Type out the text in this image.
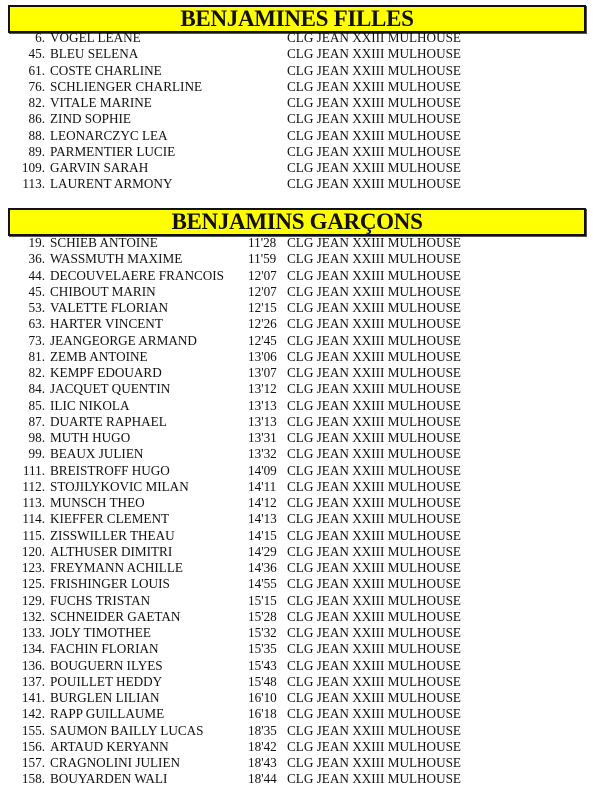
BENJAMINES FILLES
6. VOGEL LEANE	CLG JEAN XXIII MULHOUSE
45. BLEU SELENA	CLG JEAN XXIII MULHOUSE
61. COSTE CHARLINE	CLG JEAN XXIII MULHOUSE
76. SCHLIENGER CHARLINE	CLG JEAN XXIII MULHOUSE
82. VITALE MARINE	CLG JEAN XXIII MULHOUSE
86. ZIND SOPHIE	CLG JEAN XXIII MULHOUSE
88. LEONARCZYC LEA	CLG JEAN XXIII MULHOUSE
89. PARMENTIER LUCIE	CLG JEAN XXIII MULHOUSE
109. GARVIN SARAH	CLG JEAN XXIII MULHOUSE
113. LAURENT ARMONY	CLG JEAN XXIII MULHOUSE
BENJAMINS GARÇONS
19. SCHIEB ANTOINE	11'28 CLG JEAN XXIII MULHOUSE
36. WASSMUTH MAXIME	11'59 CLG JEAN XXIII MULHOUSE
44. DECOUVELAERE FRANCOIS 12'07 CLG JEAN XXIII MULHOUSE
45. CHIBOUT MARIN	12'07 CLG JEAN XXIII MULHOUSE
53. VALETTE FLORIAN	12'15 CLG JEAN XXIII MULHOUSE
63. HARTER VINCENT	12'26 CLG JEAN XXIII MULHOUSE
73. JEANGEORGE ARMAND	12'45 CLG JEAN XXIII MULHOUSE
81. ZEMB ANTOINE	13'06 CLG JEAN XXIII MULHOUSE
82. KEMPF EDOUARD	13'07 CLG JEAN XXIII MULHOUSE
84. JACQUET QUENTIN	13'12 CLG JEAN XXIII MULHOUSE
85. ILIC NIKOLA	13'13 CLG JEAN XXIII MULHOUSE
87. DUARTE RAPHAEL	13'13 CLG JEAN XXIII MULHOUSE
98. MUTH HUGO	13'31 CLG JEAN XXIII MULHOUSE
99. BEAUX JULIEN	13'32 CLG JEAN XXIII MULHOUSE
111. BREISTROFF HUGO	14'09 CLG JEAN XXIII MULHOUSE
112. STOJILYKOVIC MILAN	14'11 CLG JEAN XXIII MULHOUSE
113. MUNSCH THEO	14'12 CLG JEAN XXIII MULHOUSE
114. KIEFFER CLEMENT	14'13 CLG JEAN XXIII MULHOUSE
115. ZISSWILLER THEAU	14'15 CLG JEAN XXIII MULHOUSE
120. ALTHUSER DIMITRI	14'29 CLG JEAN XXIII MULHOUSE
123. FREYMANN ACHILLE	14'36 CLG JEAN XXIII MULHOUSE
125. FRISHINGER LOUIS	14'55 CLG JEAN XXIII MULHOUSE
129. FUCHS TRISTAN	15'15 CLG JEAN XXIII MULHOUSE
132. SCHNEIDER GAETAN	15'28 CLG JEAN XXIII MULHOUSE
133. JOLY TIMOTHEE	15'32 CLG JEAN XXIII MULHOUSE
134. FACHIN FLORIAN	15'35 CLG JEAN XXIII MULHOUSE
136. BOUGUERN ILYES	15'43 CLG JEAN XXIII MULHOUSE
137. POUILLET HEDDY	15'48 CLG JEAN XXIII MULHOUSE
141. BURGLEN LILIAN	16'10 CLG JEAN XXIII MULHOUSE
142. RAPP GUILLAUME	16'18 CLG JEAN XXIII MULHOUSE
155. SAUMON BAILLY LUCAS	18'35 CLG JEAN XXIII MULHOUSE
156. ARTAUD KERYANN	18'42 CLG JEAN XXIII MULHOUSE
157. CRAGNOLINI JULIEN	18'43 CLG JEAN XXIII MULHOUSE
158. BOUYARDEN WALI	18'44 CLG JEAN XXIII MULHOUSE
